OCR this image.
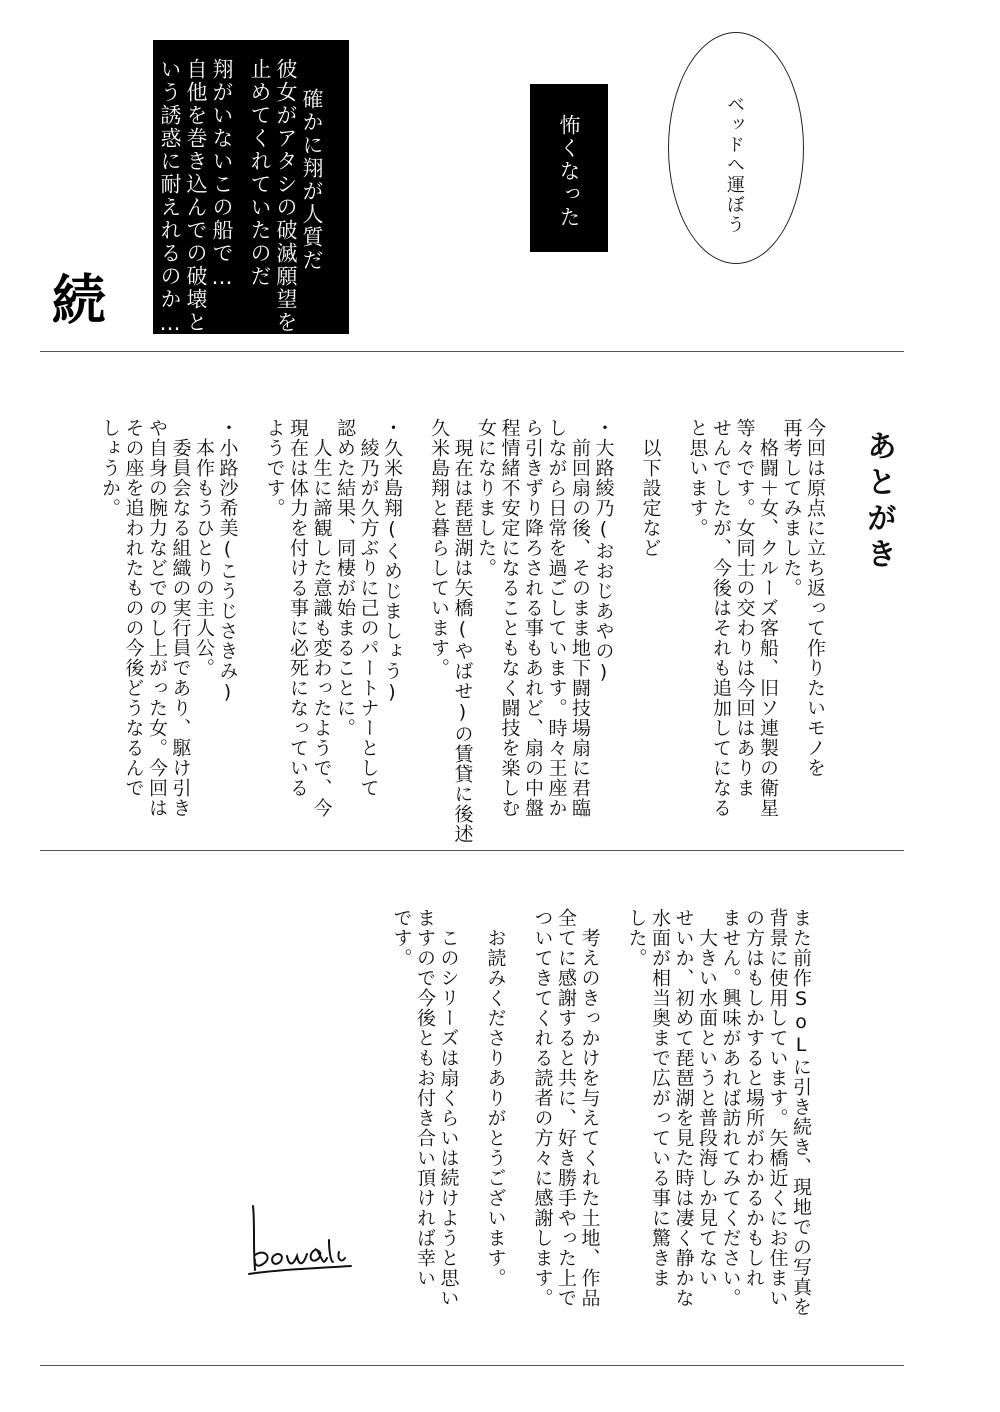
ベッドへ運ぼう
怖くなった
確かに翔が人質だ
彼女がアタシの破滅願望を
止めてくれていたのだ
翔がいないこの船で…
自他を巻き込んでの破壊と
いう誘惑に耐えれるのか…
続
あとがき
今回は原点に立ち返って作りたいモノを
再考してみました。
　格闘＋女、クルーズ客船、旧ソ連製の衛星
等々です。女同士の交わりは今回はありま
せんでしたが、今後はそれも追加してになる
と思います。
　以下設定など
・大路綾乃(おおじあやの)
　前回扇の後、そのまま地下闘技場扇に君臨
しながら日常を過ごしています。時々王座か
ら引きずり降ろされる事もあれど、扇の中盤
程情緒不安定になることもなく闘技を楽しむ
女になりました。
　現在は琵琶湖は矢橋(やばせ)の賃貸に後述
久米島翔と暮らしています。
・久米島翔(くめじましょう)
　綾乃が久方ぶりに己のパートナーとして
認めた結果、同棲が始まることに。
　人生に諦観した意識も変わったようで、今
現在は体力を付ける事に必死になっている
ようです。
・小路沙希美(こうじさきみ)
　本作もうひとりの主人公。
　委員会なる組織の実行員であり、駆け引き
や自身の腕力などでのし上がった女。今回は
その座を追われたものの今後どうなるんで
しょうか。
また前作SoLに引き続き、現地での写真を
背景に使用しています。矢橋近くにお住まい
の方はもしかすると場所がわかるかもしれ
ません。興味があれば訪れてみてください。
　大きい水面というと普段海しか見てない
せいか、初めて琵琶湖を見た時は凄く静かな
水面が相当奥まで広がっている事に驚きま
した。
　考えのきっかけを与えてくれた土地、作品
全てに感謝すると共に、好き勝手やった上で
ついてきてくれる読者の方々に感謝します。
　お読みくださりありがとうございます。
　このシリーズは扇くらいは続けようと思い
ますので今後ともお付き合い頂ければ幸い
です。
